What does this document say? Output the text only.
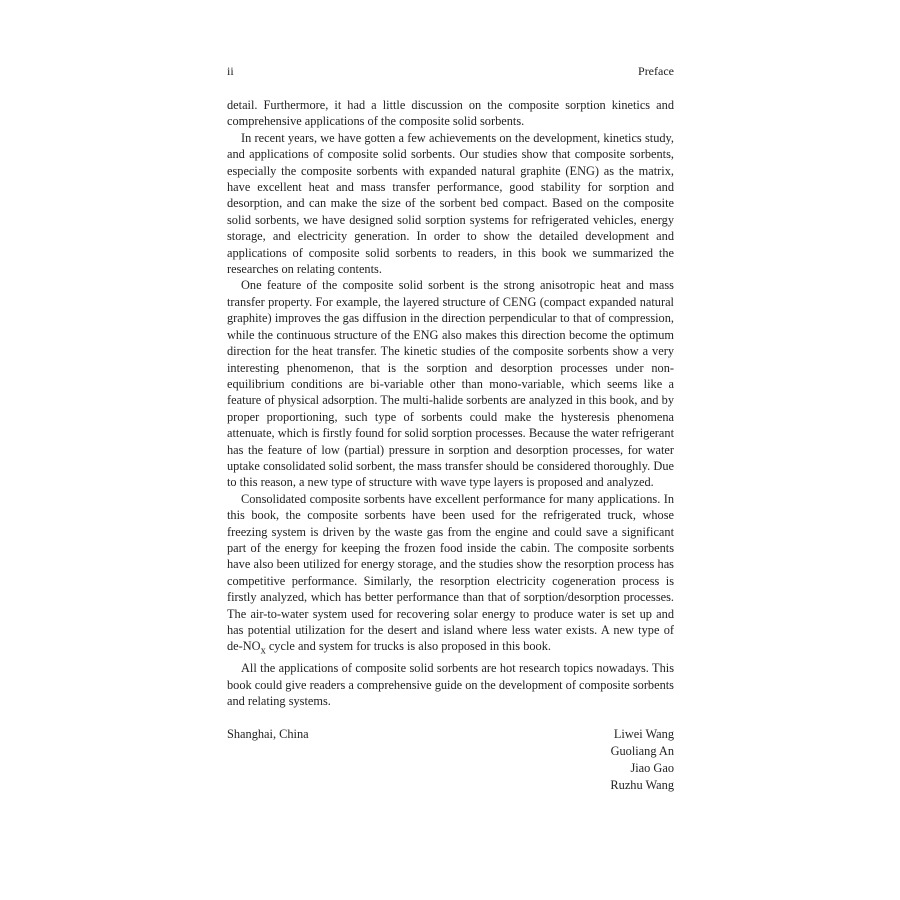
ii	Preface

detail. Furthermore, it had a little discussion on the composite sorption kinetics and comprehensive applications of the composite solid sorbents.

In recent years, we have gotten a few achievements on the development, kinetics study, and applications of composite solid sorbents. Our studies show that composite sorbents, especially the composite sorbents with expanded natural graphite (ENG) as the matrix, have excellent heat and mass transfer performance, good stability for sorption and desorption, and can make the size of the sorbent bed compact. Based on the composite solid sorbents, we have designed solid sorption systems for refrigerated vehicles, energy storage, and electricity generation. In order to show the detailed development and applications of composite solid sorbents to readers, in this book we summarized the researches on relating contents.

One feature of the composite solid sorbent is the strong anisotropic heat and mass transfer property. For example, the layered structure of CENG (compact expanded natural graphite) improves the gas diffusion in the direction perpendicular to that of compression, while the continuous structure of the ENG also makes this direction become the optimum direction for the heat transfer. The kinetic studies of the composite sorbents show a very interesting phenomenon, that is the sorption and desorption processes under non-equilibrium conditions are bi-variable other than mono-variable, which seems like a feature of physical adsorption. The multi-halide sorbents are analyzed in this book, and by proper proportioning, such type of sorbents could make the hysteresis phenomena attenuate, which is firstly found for solid sorption processes. Because the water refrigerant has the feature of low (partial) pressure in sorption and desorption processes, for water uptake consolidated solid sorbent, the mass transfer should be considered thoroughly. Due to this reason, a new type of structure with wave type layers is proposed and analyzed.

Consolidated composite sorbents have excellent performance for many applications. In this book, the composite sorbents have been used for the refrigerated truck, whose freezing system is driven by the waste gas from the engine and could save a significant part of the energy for keeping the frozen food inside the cabin. The composite sorbents have also been utilized for energy storage, and the studies show the resorption process has competitive performance. Similarly, the resorption electricity cogeneration process is firstly analyzed, which has better performance than that of sorption/desorption processes. The air-to-water system used for recovering solar energy to produce water is set up and has potential utilization for the desert and island where less water exists. A new type of $de-NO_x$ cycle and system for trucks is also proposed in this book.

All the applications of composite solid sorbents are hot research topics nowadays. This book could give readers a comprehensive guide on the development of composite sorbents and relating systems.

Shanghai, China	Liwei Wang
Guoliang An
Jiao Gao
Ruzhu Wang
